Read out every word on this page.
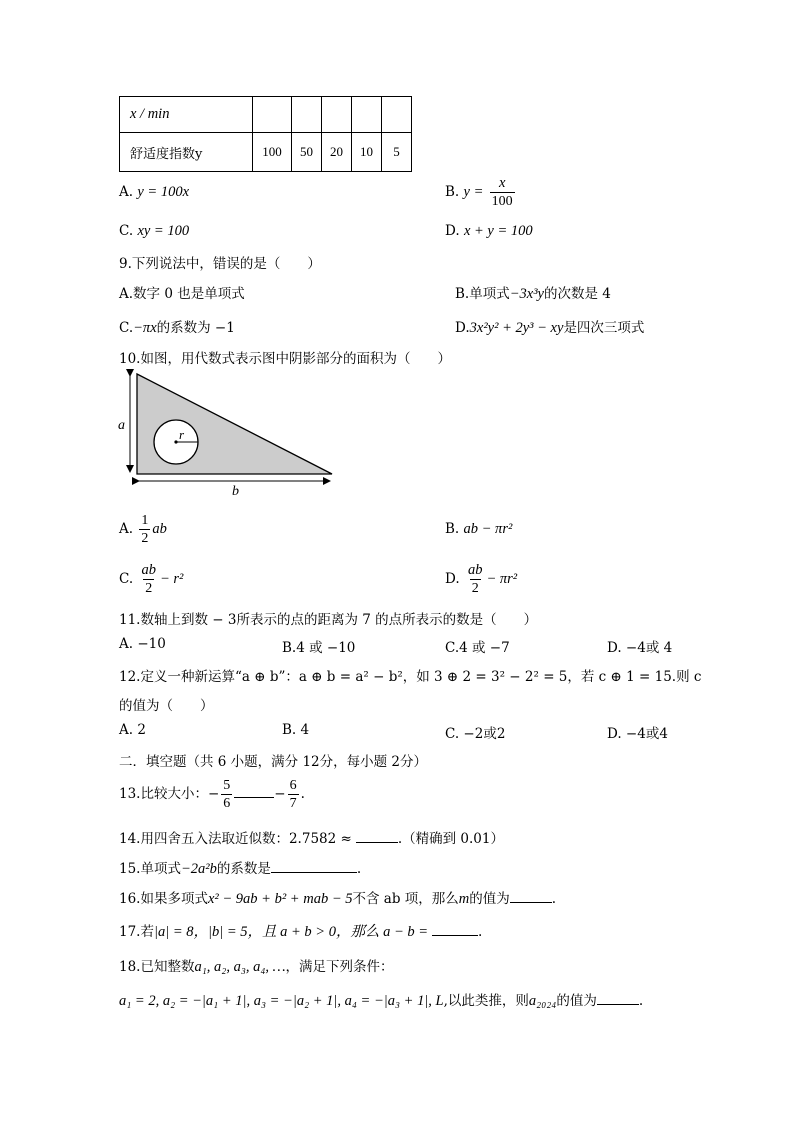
x / min					
舒适度指数y	100	50	20	10	5
A. y = 100x	B. $y = \frac{x}{100}$
C. xy = 100	D. x + y = 100
9.下列说法中，错误的是（　　）
A.数字 0 也是单项式	B.单项式−3x³y的次数是 4
C.−πx的系数为 −1	D.3x²y² + 2y³ − xy是四次三项式
10.如图，用代数式表示图中阴影部分的面积为（　　）
r
a
b
A. $\frac{1}{2}$ ab	B. ab − πr²
C. $\frac{ab}{2} - r^2$	D. $\frac{ab}{2} - \pi r^2$
11.数轴上到数 − 3所表示的点的距离为 7 的点所表示的数是（　　）
A. −10	B.4 或 −10	C.4 或 −7	D. −4或 4
12.定义一种新运算“a ⊕ b”：a ⊕ b = a² − b²，如 3 ⊕ 2 = 3² − 2² = 5，若 c ⊕ 1 = 15.则 c
的值为（　　）
A. 2	B. 4	C. −2或2	D. −4或4
二．填空题（共 6 小题，满分 12分，每小题 2分）
13.比较大小：− $\frac{5}{6}$	− $\frac{6}{7}$ .
14.用四舍五入法取近似数：2.7582 ≈	.（精确到 0.01）
15.单项式−2a²b的系数是	.
16.如果多项式x² − 9ab + b² + mab − 5不含 ab 项，那么m的值为	.
17.若|a| = 8，|b| = 5，且 a + b > 0，那么 a − b =	.
18.已知整数a₁, a₂, a₃, a₄, …，满足下列条件：
a₁ = 2, a₂ = −|a₁ + 1|, a₃ = −|a₂ + 1|, a₄ = −|a₃ + 1|, L,以此类推，则a₂₀₂₄的值为	.
